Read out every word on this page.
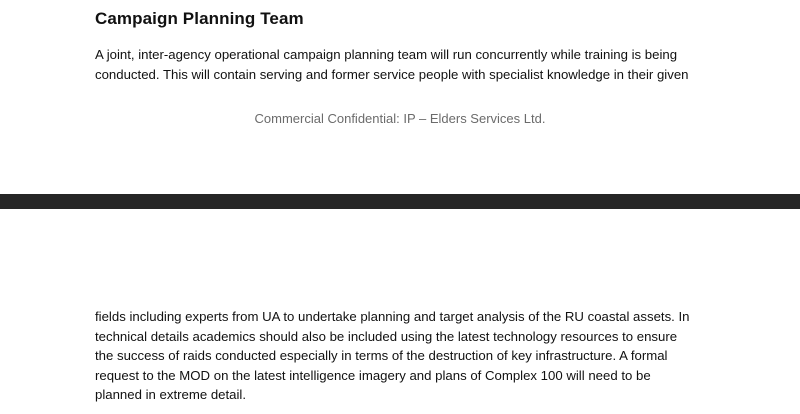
Campaign Planning Team

A joint, inter-agency operational campaign planning team will run concurrently while training is being
conducted. This will contain serving and former service people with specialist knowledge in their given

Commercial Confidential: IP – Elders Services Ltd.

fields including experts from UA to undertake planning and target analysis of the RU coastal assets. In
technical details academics should also be included using the latest technology resources to ensure
the success of raids conducted especially in terms of the destruction of key infrastructure. A formal
request to the MOD on the latest intelligence imagery and plans of Complex 100 will need to be
planned in extreme detail.
